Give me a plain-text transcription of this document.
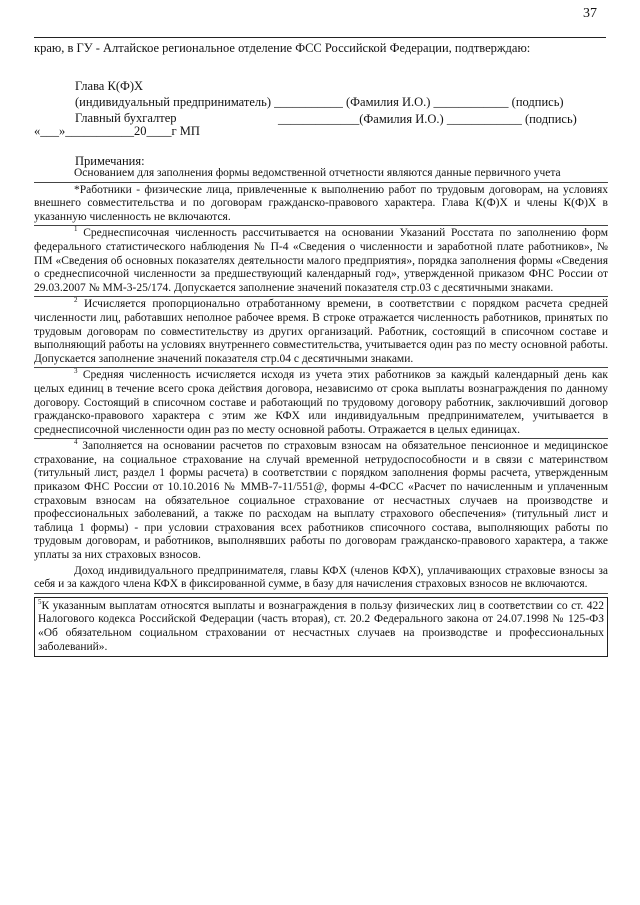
37
краю, в ГУ - Алтайское региональное отделение ФСС Российской Федерации, подтверждаю:
Глава К(Ф)Х
(индивидуальный предприниматель) ___________ (Фамилия И.О.) ____________ (подпись)
Главный бухгалтер	_____________(Фамилия И.О.) ____________ (подпись)
«___»___________20____г МП
Примечания:
Основанием для заполнения формы ведомственной отчетности являются данные первичного учета
*Работники - физические лица, привлеченные к выполнению работ по трудовым договорам, на условиях внешнего совместительства и по договорам гражданско-правового характера. Глава К(Ф)Х и члены К(Ф)Х в указанную численность не включаются.
$^1$ Среднесписочная численность рассчитывается на основании Указаний Росстата по заполнению форм федерального статистического наблюдения № П-4 «Сведения о численности и заработной плате работников», № ПМ «Сведения об основных показателях деятельности малого предприятия», порядка заполнения формы «Сведения о среднесписочной численности за предшествующий календарный год», утвержденной приказом ФНС России от 29.03.2007 № ММ-3-25/174. Допускается заполнение значений показателя стр.03 с десятичными знаками.
$^2$ Исчисляется пропорционально отработанному времени, в соответствии с порядком расчета средней численности лиц, работавших неполное рабочее время. В строке отражается численность работников, принятых по трудовым договорам по совместительству из других организаций. Работник, состоящий в списочном составе и выполняющий работы на условиях внутреннего совместительства, учитывается один раз по месту основной работы. Допускается заполнение значений показателя стр.04 с десятичными знаками.
$^3$ Средняя численность исчисляется исходя из учета этих работников за каждый календарный день как целых единиц в течение всего срока действия договора, независимо от срока выплаты вознаграждения по данному договору. Состоящий в списочном составе и работающий по трудовому договору работник, заключивший договор гражданско-правового характера с этим же КФХ или индивидуальным предпринимателем, учитывается в среднесписочной численности один раз по месту основной работы. Отражается в целых единицах.
$^4$ Заполняется на основании расчетов по страховым взносам на обязательное пенсионное и медицинское страхование, на социальное страхование на случай временной нетрудоспособности и в связи с материнством (титульный лист, раздел 1 формы расчета) в соответствии с порядком заполнения формы расчета, утвержденным приказом ФНС России от 10.10.2016 № ММВ-7-11/551@, формы 4-ФСС «Расчет по начисленным и уплаченным страховым взносам на обязательное социальное страхование от несчастных случаев на производстве и профессиональных заболеваний, а также по расходам на выплату страхового обеспечения» (титульный лист и таблица 1 формы) - при условии страхования всех работников списочного состава, выполняющих работы по трудовым договорам, и работников, выполнявших работы по договорам гражданско-правового характера, а также уплаты за них страховых взносов.
Доход индивидуального предпринимателя, главы КФХ (членов КФХ), уплачивающих страховые взносы за себя и за каждого члена КФХ в фиксированной сумме, в базу для начисления страховых взносов не включаются.
$^5$К указанным выплатам относятся выплаты и вознаграждения в пользу физических лиц в соответствии со ст. 422 Налогового кодекса Российской Федерации (часть вторая), ст. 20.2 Федерального закона от 24.07.1998 № 125-ФЗ «Об обязательном социальном страховании от несчастных случаев на производстве и профессиональных заболеваний».
